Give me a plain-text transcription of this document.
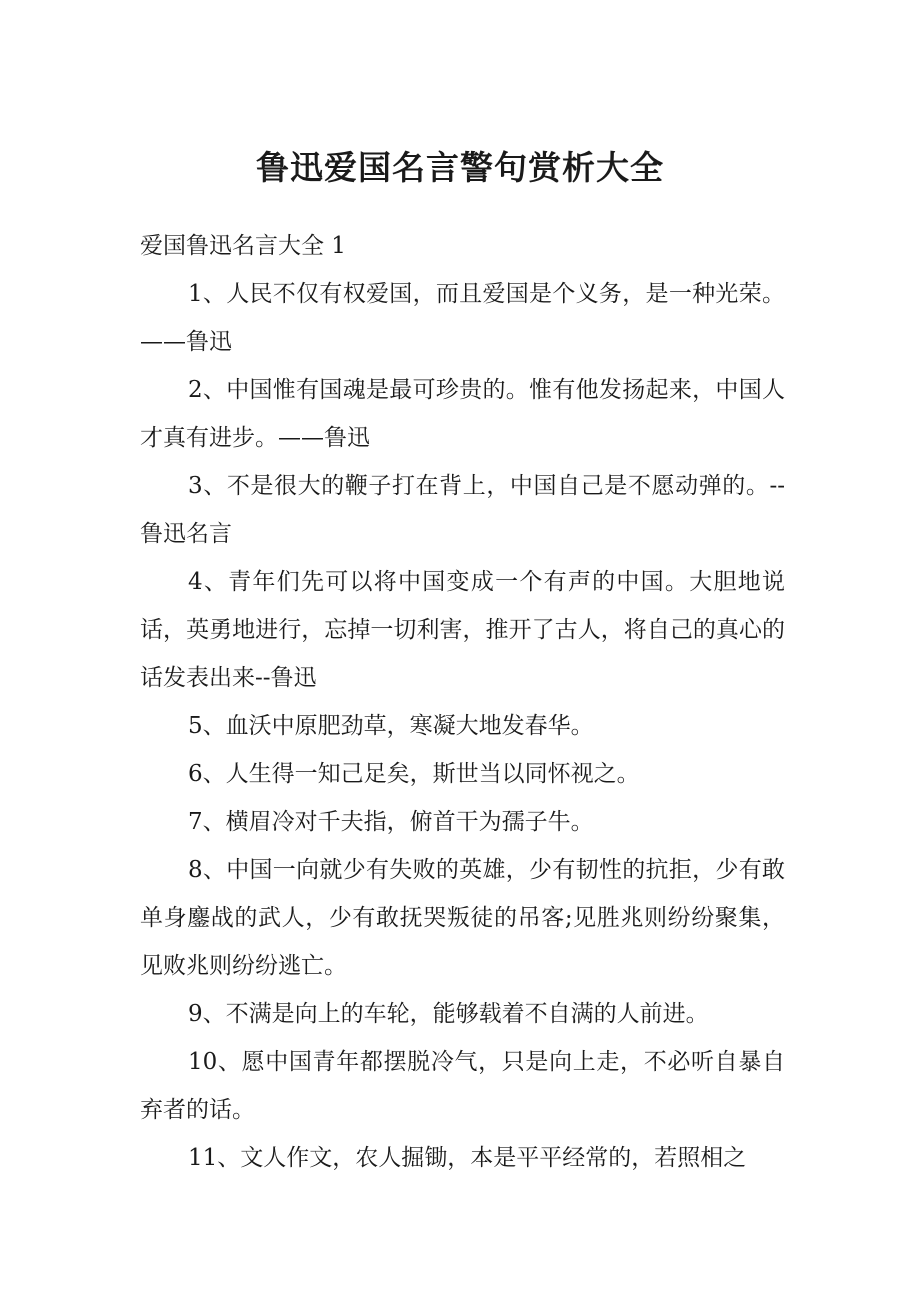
鲁迅爱国名言警句赏析大全

爱国鲁迅名言大全 1

1、人民不仅有权爱国，而且爱国是个义务，是一种光荣。——鲁迅

2、中国惟有国魂是最可珍贵的。惟有他发扬起来，中国人才真有进步。——鲁迅

3、不是很大的鞭子打在背上，中国自己是不愿动弹的。--鲁迅名言

4、青年们先可以将中国变成一个有声的中国。大胆地说话，英勇地进行，忘掉一切利害，推开了古人，将自己的真心的话发表出来--鲁迅

5、血沃中原肥劲草，寒凝大地发春华。

6、人生得一知己足矣，斯世当以同怀视之。

7、横眉冷对千夫指，俯首干为孺子牛。

8、中国一向就少有失败的英雄，少有韧性的抗拒，少有敢单身鏖战的武人，少有敢抚哭叛徒的吊客;见胜兆则纷纷聚集，见败兆则纷纷逃亡。

9、不满是向上的车轮，能够载着不自满的人前进。

10、愿中国青年都摆脱冷气，只是向上走，不必听自暴自弃者的话。

11、文人作文，农人掘锄，本是平平经常的，若照相之
